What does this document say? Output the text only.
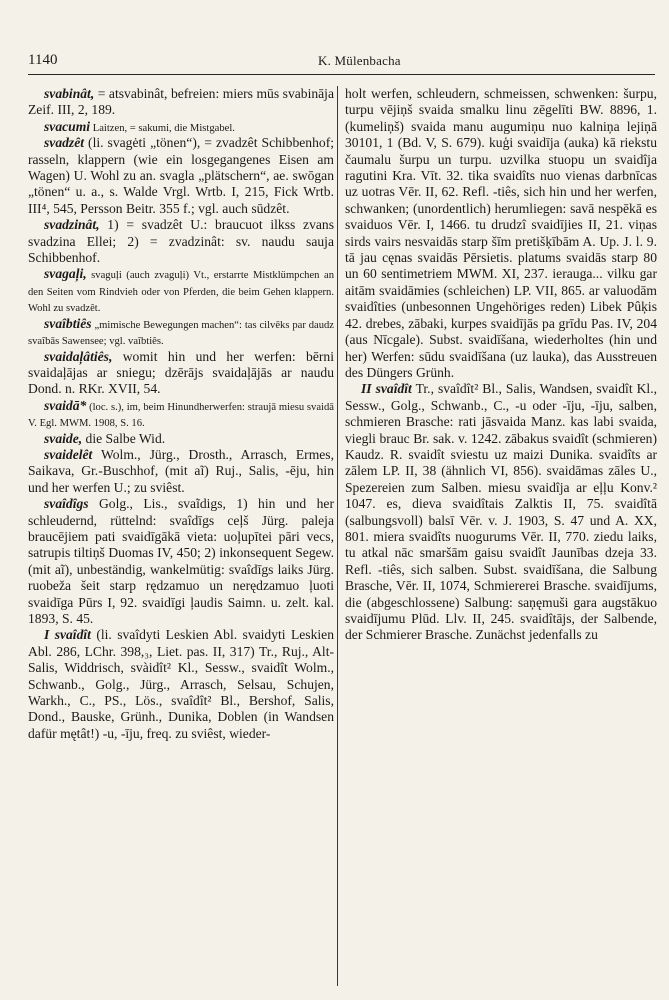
1140	K. Mülenbacha

svabinât, = atsvabinât, befreien: miers mūs svabināja Zeif. III, 2, 189.

svacumi Laitzen, = sakumi, die Mistgabel.

svadzêt (li. svagėti „tönen“), = zvadzêt Schibbenhof; rasseln, klappern (wie ein losgegangenes Eisen am Wagen) U. Wohl zu an. svagla „plätschern“, ae. swōgan „tönen“ u. a., s. Walde Vrgl. Wrtb. I, 215, Fick Wrtb. III⁴, 545, Persson Beitr. 355 f.; vgl. auch sūdzêt.

svadzinât, 1) = svadzêt U.: braucuot ilkss zvans svadzina Ellei; 2) = zvadzinât: sv. naudu sauja Schibbenhof.

svagaļi, svaguļi (auch zvaguļi) Vt., erstarrte Mistklümpchen an den Seiten vom Rindvieh oder von Pferden, die beim Gehen klappern. Wohl zu svadzêt.

svaîbtiês „mimische Bewegungen machen“: tas cilvēks par daudz svaîbās Sawensee; vgl. vaîbtiês.

svaidaļâtiês, womit hin und her werfen: bērni svaidaļājas ar sniegu; dzērājs svaidaļājās ar naudu Dond. n. RKr. XVII, 54.

svaidā* (loc. s.), im, beim Hinundherwerfen: straujā miesu svaidā V. Egl. MWM. 1908, S. 16.

svaide, die Salbe Wid.

svaidelêt Wolm., Jürg., Drosth., Arrasch, Ermes, Saikava, Gr.-Buschhof, (mit aĩ) Ruj., Salis, -ēju, hin und her werfen U.; zu sviêst.

svaîdîgs Golg., Lis., svaĩdigs, 1) hin und her schleudernd, rüttelnd: svaîdīgs ceļš Jürg. paleja braucējiem pati svaidīgākā vieta: uoļupītei pāri vecs, satrupis tiltiņš Duomas IV, 450; 2) inkonsequent Segew. (mit aĩ), unbeständig, wankelmütig: svaîdīgs laiks Jürg. ruobeža šeit starp rędzamuo un nerędzamuo ļuoti svaidīga Pūrs I, 92. svaidīgi ļaudis Saimn. u. zelt. kal. 1893, S. 45.

I svaîdît (li. svaîdyti Leskien Abl. svaidyti Leskien Abl. 286, LChr. 398,₃, Liet. pas. II, 317) Tr., Ruj., Alt-Salis, Widdrisch, svàidît² Kl., Sessw., svaidît Wolm., Schwanb., Golg., Jürg., Arrasch, Selsau, Schujen, Warkh., C., PS., Lös., svaîdît² Bl., Bershof, Salis, Dond., Bauske, Grünh., Dunika, Doblen (in Wandsen dafür mętât!) -u, -īju, freq. zu sviêst, wieder-

holt werfen, schleudern, schmeissen, schwenken: šurpu, turpu vējiņš svaida smalku linu zēgelīti BW. 8896, 1. (kumeliņš) svaida manu augumiņu nuo kalniņa lejiņā 30101, 1 (Bd. V, S. 679). kuģi svaidīja (auka) kā riekstu čaumalu šurpu un turpu. uzvilka stuopu un svaidîja ragutini Kra. Vīt. 32. tika svaidîts nuo vienas darbnīcas uz uotras Vēr. II, 62. Refl. -tiês, sich hin und her werfen, schwanken; (unordentlich) herumliegen: savā nespēkā es svaiduos Vēr. I, 1466. tu drudzî svaidījies II, 21. viņas sirds vairs nesvaidās starp šīm pretišķībām A. Up. J. l. 9. tā jau cęnas svaidās Pērsietis. platums svaidās starp 80 un 60 sentimetriem MWM. XI, 237. ierauga... vilku gar aitām svaidāmies (schleichen) LP. VII, 865. ar valuodām svaidîties (unbesonnen Ungehöriges reden) Libek Pûķis 42. drebes, zābaki, kurpes svaidījās pa grīdu Pas. IV, 204 (aus Nīcgale). Subst. svaidīšana, wiederholtes (hin und her) Werfen: sūdu svaidīšana (uz lauka), das Ausstreuen des Düngers Grünh.

II svaîdît Tr., svaîdît² Bl., Salis, Wandsen, svaidît Kl., Sessw., Golg., Schwanb., C., -u oder -īju, -īju, salben, schmieren Brasche: rati jāsvaida Manz. kas labi svaida, viegli brauc Br. sak. v. 1242. zābakus svaidît (schmieren) Kaudz. R. svaidît sviestu uz maizi Dunika. svaidîts ar zālem LP. II, 38 (ähnlich VI, 856). svaidāmas zāles U., Spezereien zum Salben. miesu svaidîja ar eļļu Konv.² 1047. es, dieva svaidîtais Zalktis II, 75. svaidîtā (salbungsvoll) balsī Vēr. v. J. 1903, S. 47 und A. XX, 801. miera svaidîts nuogurums Vēr. II, 770. ziedu laiks, tu atkal nāc smaršām gaisu svaidît Jaunības dzeja 33. Refl. -tiês, sich salben. Subst. svaidīšana, die Salbung Brasche, Vēr. II, 1074, Schmiererei Brasche. svaidījums, die (abgeschlossene) Salbung: saņęmuši gara augstākuo svaidījumu Plūd. Llv. II, 245. svaidîtājs, der Salbende, der Schmierer Brasche. Zunächst jedenfalls zu
